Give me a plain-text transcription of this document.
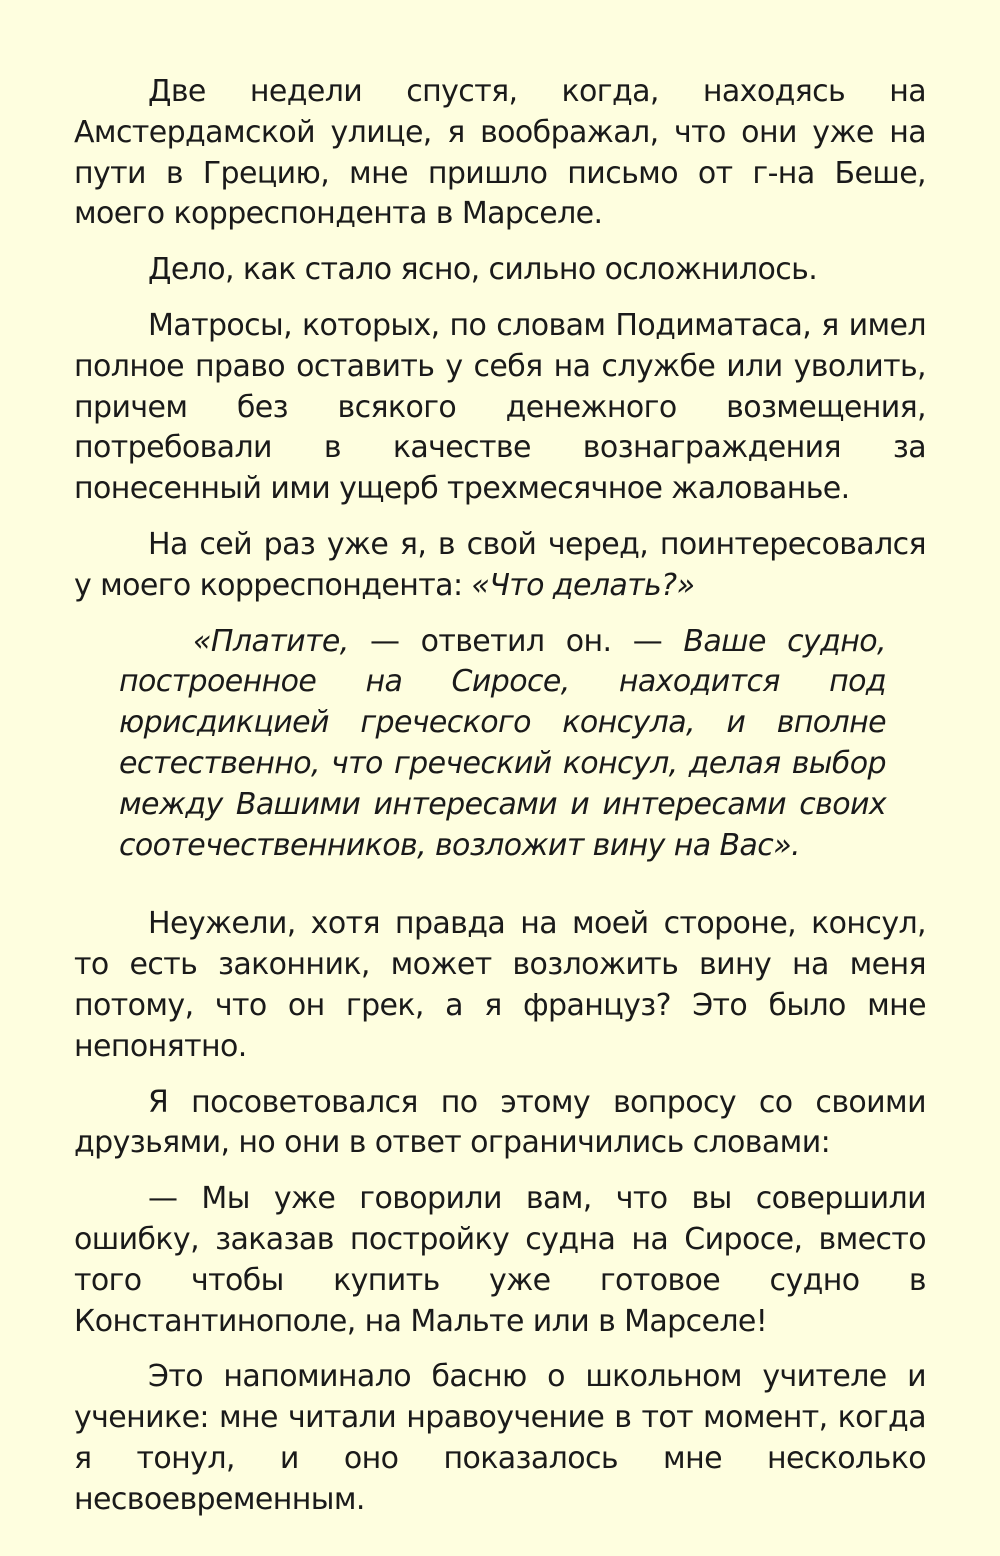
Две недели спустя, когда, находясь на Амстердамской улице, я воображал, что они уже на пути в Грецию, мне пришло письмо от г-на Беше, моего корреспондента в Марселе.

Дело, как стало ясно, сильно осложнилось.

Матросы, которых, по словам Подиматаса, я имел полное право оставить у себя на службе или уволить, причем без всякого денежного возмещения, потребовали в качестве вознаграждения за понесенный ими ущерб трехмесячное жалованье.

На сей раз уже я, в свой черед, поинтересовался у моего корреспондента: «Что делать?»

«Платите, — ответил он. — Ваше судно, построенное на Сиросе, находится под юрисдикцией греческого консула, и вполне естественно, что греческий консул, делая выбор между Вашими интересами и интересами своих соотечественников, возложит вину на Вас».

Неужели, хотя правда на моей стороне, консул, то есть законник, может возложить вину на меня потому, что он грек, а я француз? Это было мне непонятно.

Я посоветовался по этому вопросу со своими друзьями, но они в ответ ограничились словами:

— Мы уже говорили вам, что вы совершили ошибку, заказав постройку судна на Сиросе, вместо того чтобы купить уже готовое судно в Константинополе, на Мальте или в Марселе!

Это напоминало басню о школьном учителе и ученике: мне читали нравоучение в тот момент, когда я тонул, и оно показалось мне несколько несвоевременным.
